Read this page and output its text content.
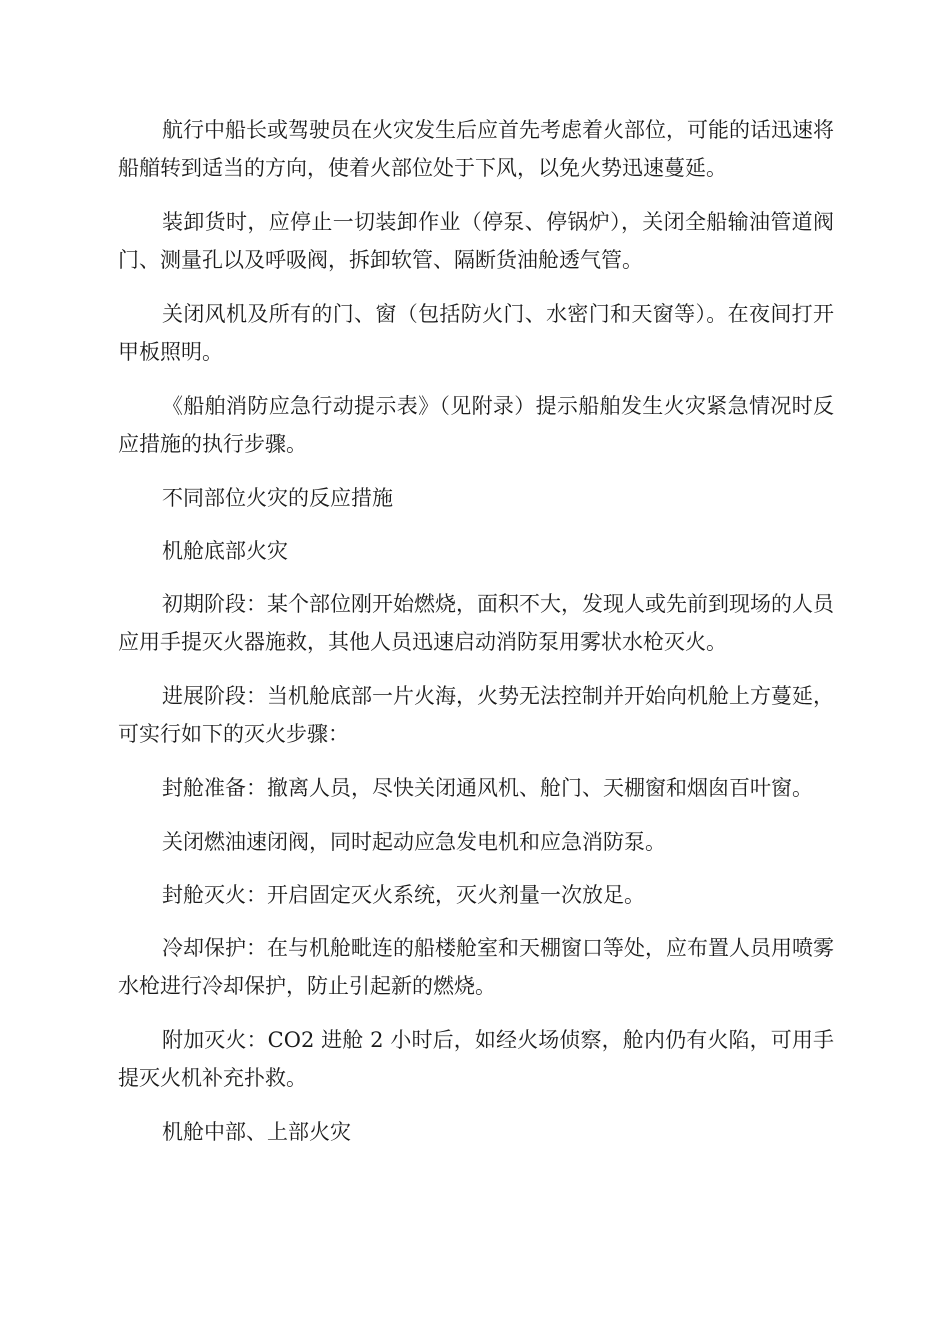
航行中船长或驾驶员在火灾发生后应首先考虑着火部位，可能的话迅速将船艏转到适当的方向，使着火部位处于下风，以免火势迅速蔓延。

装卸货时，应停止一切装卸作业（停泵、停锅炉），关闭全船输油管道阀门、测量孔以及呼吸阀，拆卸软管、隔断货油舱透气管。

关闭风机及所有的门、窗（包括防火门、水密门和天窗等）。在夜间打开甲板照明。

《船舶消防应急行动提示表》（见附录）提示船舶发生火灾紧急情况时反应措施的执行步骤。

不同部位火灾的反应措施

机舱底部火灾

初期阶段：某个部位刚开始燃烧，面积不大，发现人或先前到现场的人员应用手提灭火器施救，其他人员迅速启动消防泵用雾状水枪灭火。

进展阶段：当机舱底部一片火海，火势无法控制并开始向机舱上方蔓延，可实行如下的灭火步骤：

封舱准备：撤离人员，尽快关闭通风机、舱门、天棚窗和烟囱百叶窗。

关闭燃油速闭阀，同时起动应急发电机和应急消防泵。

封舱灭火：开启固定灭火系统，灭火剂量一次放足。

冷却保护：在与机舱毗连的船楼舱室和天棚窗口等处，应布置人员用喷雾水枪进行冷却保护，防止引起新的燃烧。

附加灭火：CO2 进舱 2 小时后，如经火场侦察，舱内仍有火陷，可用手提灭火机补充扑救。

机舱中部、上部火灾
